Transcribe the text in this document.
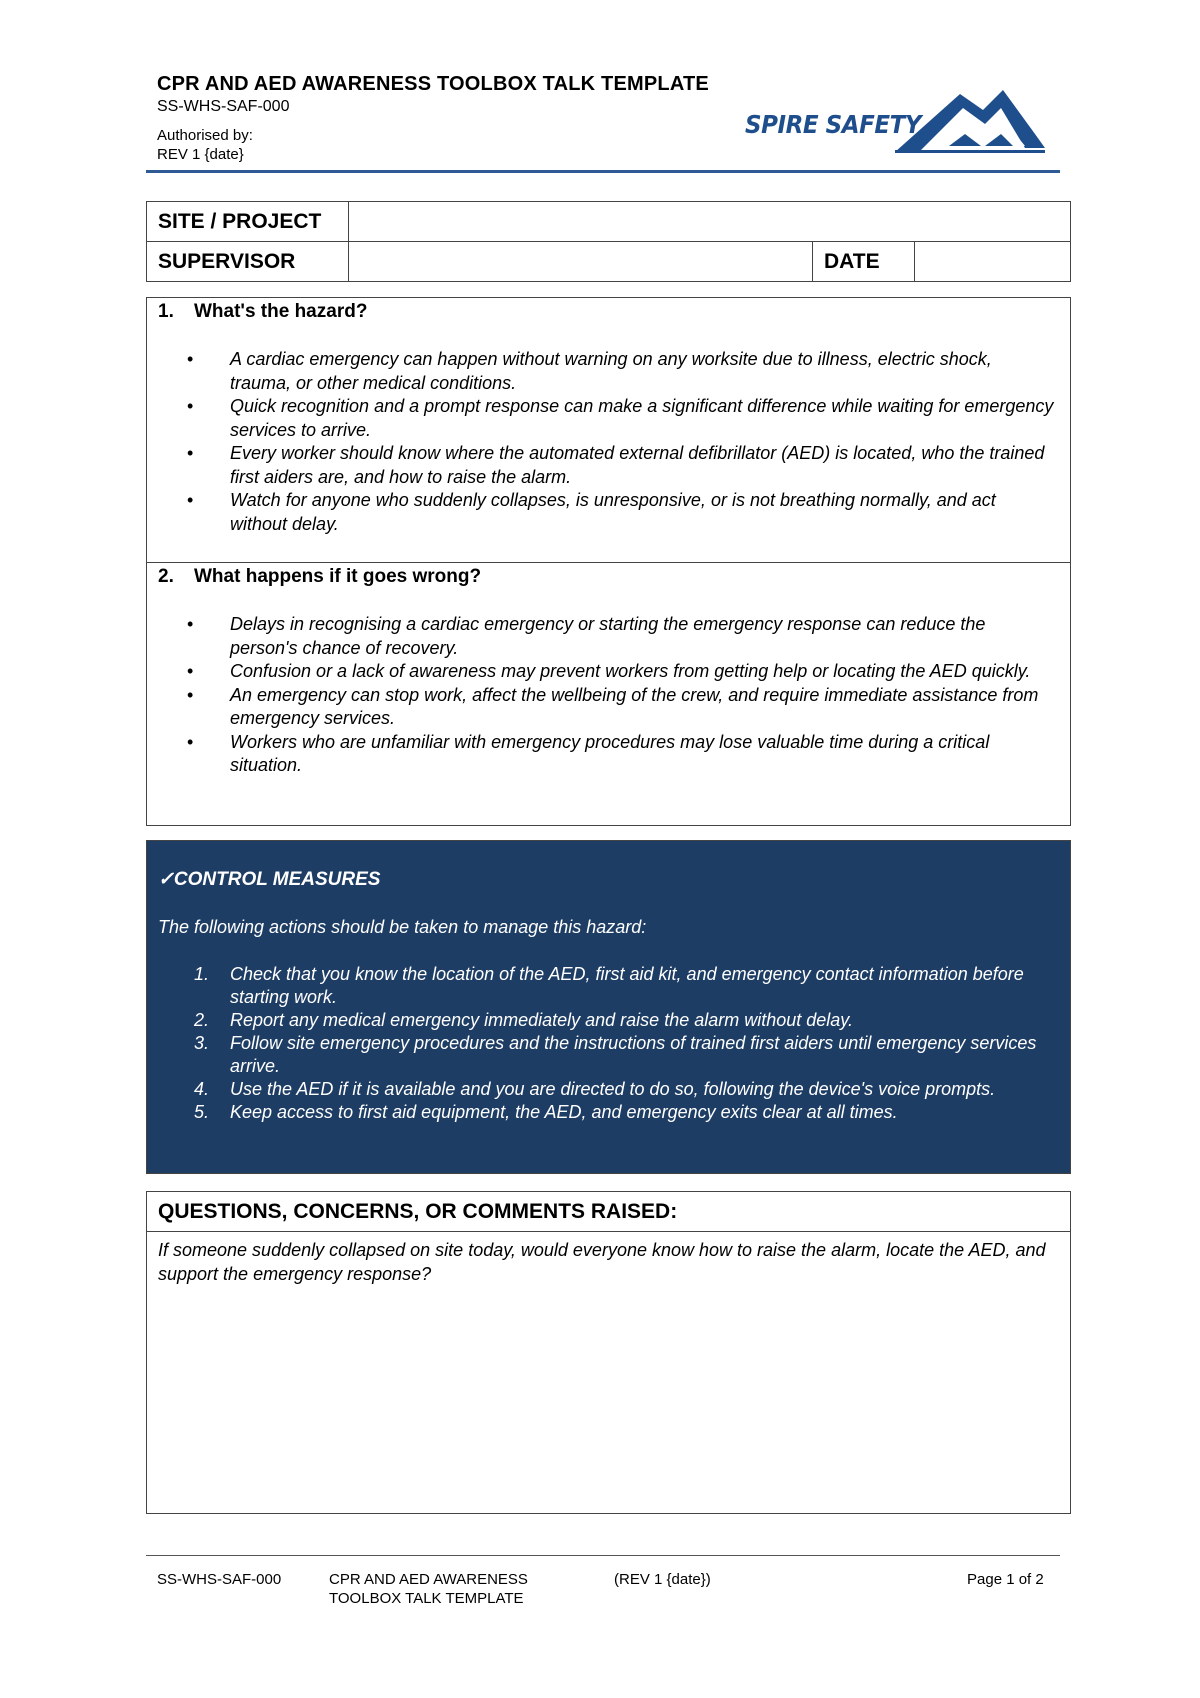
CPR AND AED AWARENESS TOOLBOX TALK TEMPLATE
SS-WHS-SAF-000
Authorised by:
REV 1 {date}
SPIRE SAFETY
SITE / PROJECT			
SUPERVISOR		DATE	
1. What's the hazard?
• A cardiac emergency can happen without warning on any worksite due to illness, electric shock, trauma, or other medical conditions.
• Quick recognition and a prompt response can make a significant difference while waiting for emergency services to arrive.
• Every worker should know where the automated external defibrillator (AED) is located, who the trained first aiders are, and how to raise the alarm.
• Watch for anyone who suddenly collapses, is unresponsive, or is not breathing normally, and act without delay.
2. What happens if it goes wrong?
• Delays in recognising a cardiac emergency or starting the emergency response can reduce the person's chance of recovery.
• Confusion or a lack of awareness may prevent workers from getting help or locating the AED quickly.
• An emergency can stop work, affect the wellbeing of the crew, and require immediate assistance from emergency services.
• Workers who are unfamiliar with emergency procedures may lose valuable time during a critical situation.
✓CONTROL MEASURES
The following actions should be taken to manage this hazard:
1. Check that you know the location of the AED, first aid kit, and emergency contact information before starting work.
2. Report any medical emergency immediately and raise the alarm without delay.
3. Follow site emergency procedures and the instructions of trained first aiders until emergency services arrive.
4. Use the AED if it is available and you are directed to do so, following the device's voice prompts.
5. Keep access to first aid equipment, the AED, and emergency exits clear at all times.
QUESTIONS, CONCERNS, OR COMMENTS RAISED:
If someone suddenly collapsed on site today, would everyone know how to raise the alarm, locate the AED, and support the emergency response?
SS-WHS-SAF-000	CPR AND AED AWARENESS
TOOLBOX TALK TEMPLATE
(REV 1 {date})	Page 1 of 2
